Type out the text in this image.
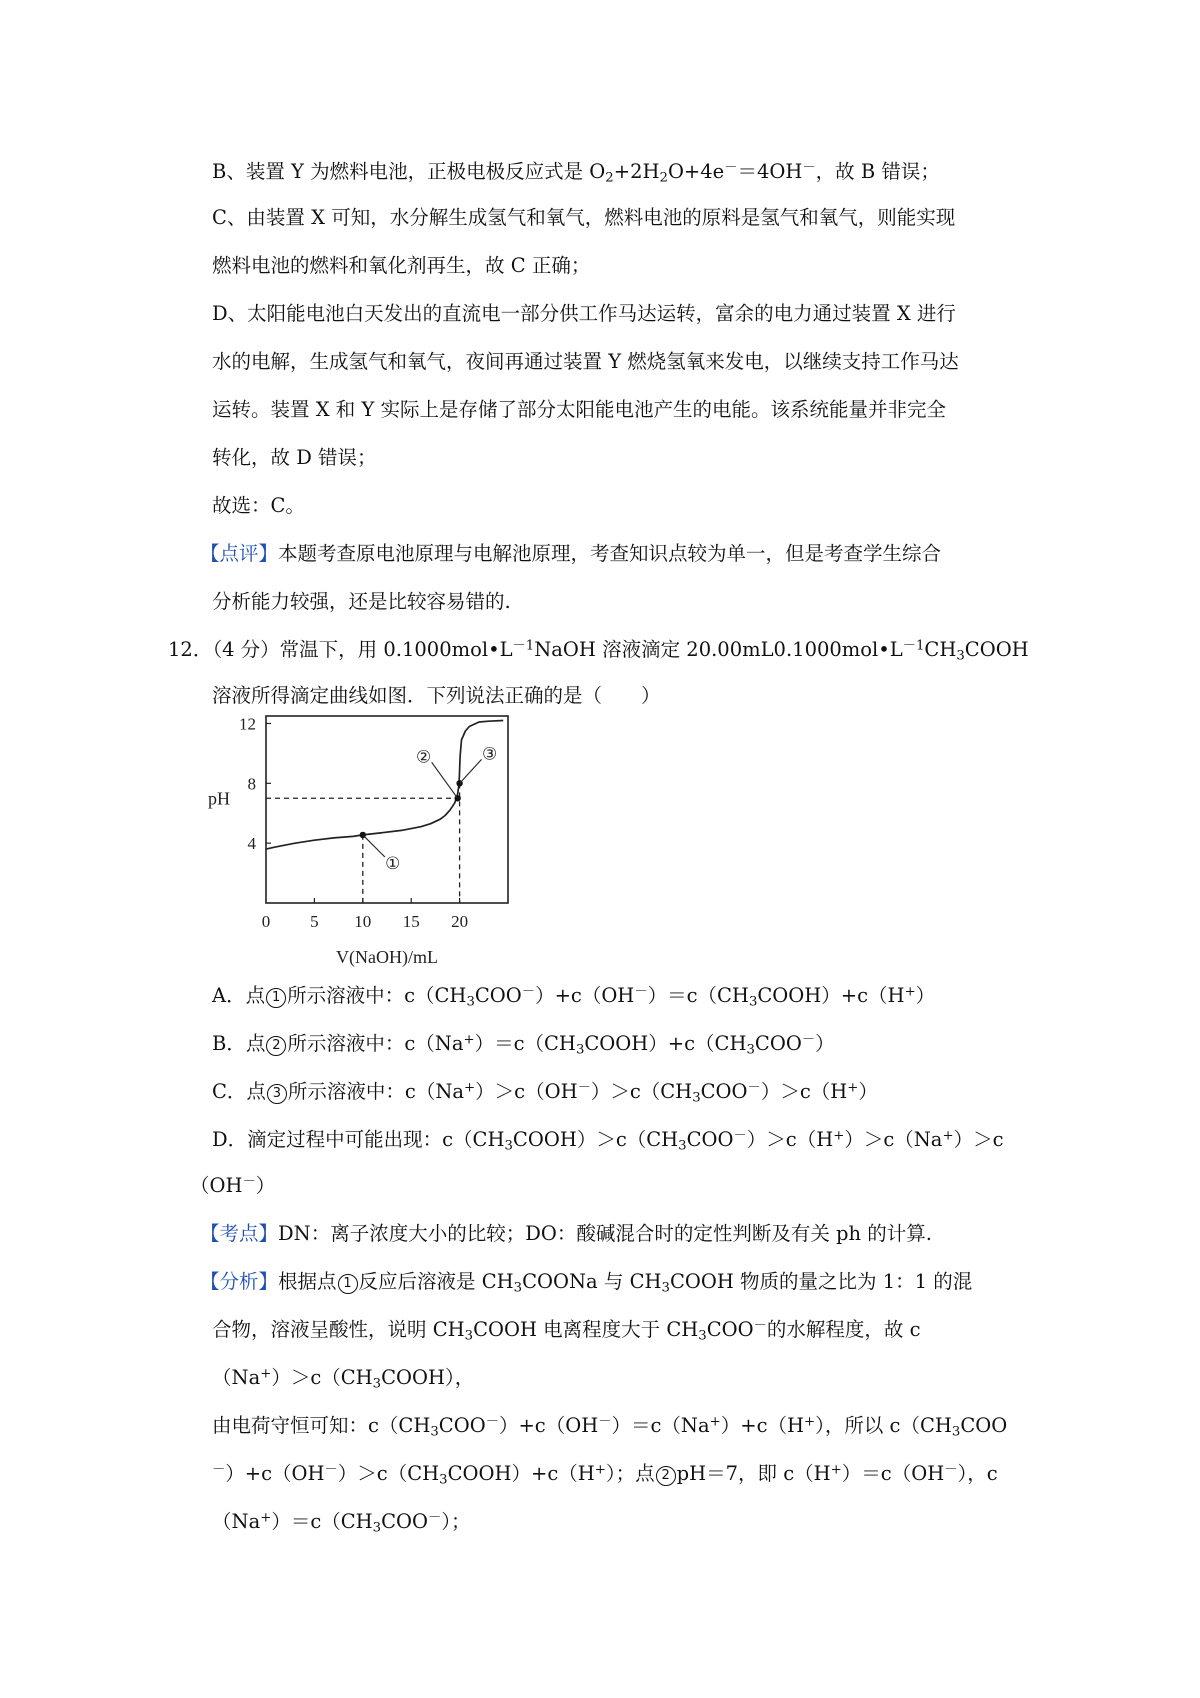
B、装置 Y 为燃料电池，正极电极反应式是 $O_2+2H_2O+4e^-=4OH^-$，故 B 错误；
C、由装置 X 可知，水分解生成氢气和氧气，燃料电池的原料是氢气和氧气，则能实现
燃料电池的燃料和氧化剂再生，故 C 正确；
D、太阳能电池白天发出的直流电一部分供工作马达运转，富余的电力通过装置 X 进行
水的电解，生成氢气和氧气，夜间再通过装置 Y 燃烧氢氧来发电，以继续支持工作马达
运转。装置 X 和 Y 实际上是存储了部分太阳能电池产生的电能。该系统能量并非完全
转化，故 D 错误；
故选：C。
【点评】本题考查原电池原理与电解池原理，考查知识点较为单一，但是考查学生综合
分析能力较强，还是比较容易错的.
12．（4 分）常温下，用 $0.1000mol•L^{-1}NaOH$ 溶液滴定 $20.00mL0.1000mol•L^{-1}CH_3COOH$
溶液所得滴定曲线如图．下列说法正确的是（　　）
0 5 10 15 20
4
8
12
pH
V(NaOH)/mL
①
②	③
A．点 1 所示溶液中：$c(CH_3COO^-)+c(OH^-)=c(CH_3COOH)+c(H^+)$
B．点 2 所示溶液中：$c(Na^+)=c(CH_3COOH)+c(CH_3COO^-)$
C．点 3 所示溶液中：$c(Na^+)>c(OH^-)>c(CH_3COO^-)>c(H^+)$
D．滴定过程中可能出现：$c(CH_3COOH)>c(CH_3COO^-)>c(H^+)>c(Na^+)>c$
（OH－）
【考点】DN：离子浓度大小的比较；DO：酸碱混合时的定性判断及有关 ph 的计算.
【分析】根据点 1 反应后溶液是 $CH_3COONa$ 与 $CH_3COOH$ 物质的量之比为 1：1 的混
合物，溶液呈酸性，说明 $CH_3COOH$ 电离程度大于 $CH_3COO^-$的水解程度，故 c
$(Na^+)>c(CH_3COOH)$，
由电荷守恒可知：$c(CH_3COO^-)+c(OH^-)=c(Na^+)+c(H^+)$，所以 $c(CH_3COO$
$^-)+c(OH^-)>c(CH_3COOH)+c(H^+)$；点 2 pH＝7，即 c（H+）＝c（OH－），c
$(Na^+)=c(CH_3COO^-)$；
